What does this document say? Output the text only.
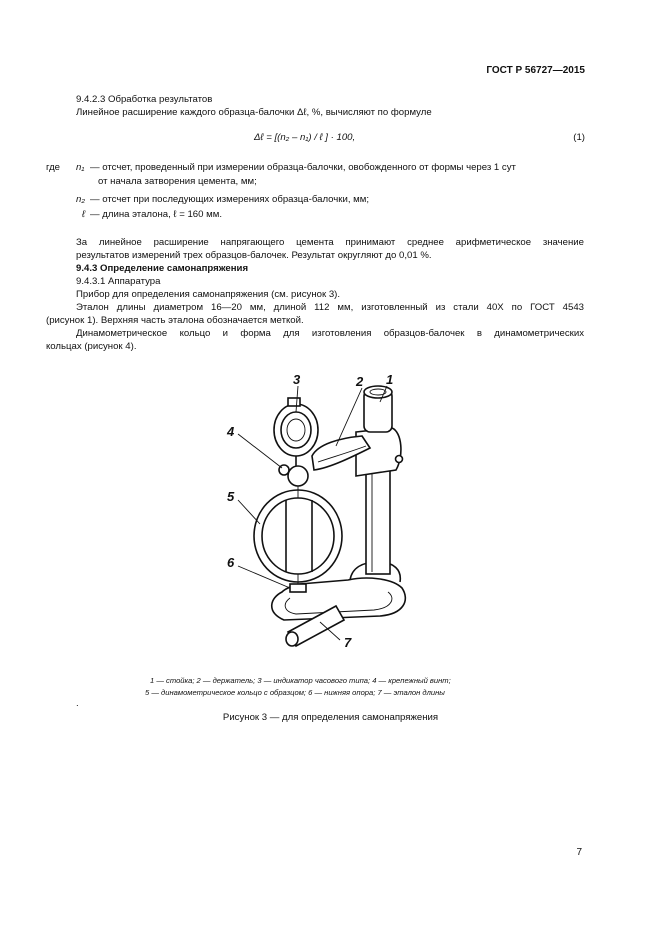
ГОСТ Р 56727—2015
9.4.2.3 Обработка результатов
Линейное расширение каждого образца-балочки Δℓ, %, вычисляют по формуле
Δℓ = [(n₂ – n₁) / ℓ ] · 100,	(1)
где n₁ — отсчет, проведенный при измерении образца-балочки, овобожденного от формы через 1 сут
от начала затворения цемента, мм;
n₂ — отсчет при последующих измерениях образца-балочки, мм;
ℓ — длина эталона, ℓ = 160 мм.
За линейное расширение напрягающего цемента принимают среднее арифметическое значение
результатов измерений трех образцов-балочек. Результат округляют до 0,01 %.
9.4.3 Определение самонапряжения
9.4.3.1 Аппаратура
Прибор для определения самонапряжения (см. рисунок 3).
Эталон длины диаметром 16—20 мм, длиной 112 мм, изготовленный из стали 40Х по ГОСТ 4543
(рисунок 1). Верхняя часть эталона обозначается меткой.
Динамометрическое кольцо и форма для изготовления образцов-балочек в динамометрических
кольцах (рисунок 4).
1
2
3
4
5
6
7
1 — стойка; 2 — держатель; 3 — индикатор часового типа; 4 — крепежный винт;
5 — динамометрическое кольцо с образцом; 6 — нижняя опора; 7 — эталон длины
.
Рисунок 3 — для определения самонапряжения
7
